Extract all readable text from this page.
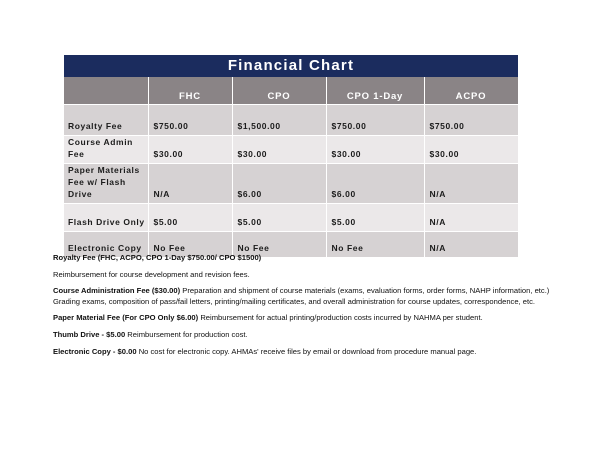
Financial Chart
	FHC	CPO	CPO 1-Day	ACPO
Royalty Fee	$750.00	$1,500.00	$750.00	$750.00
Course Admin Fee	$30.00	$30.00	$30.00	$30.00
Paper Materials Fee w/ Flash Drive	N/A	$6.00	$6.00	N/A
Flash Drive Only	$5.00	$5.00	$5.00	N/A
Electronic Copy	No Fee	No Fee	No Fee	N/A

Royalty Fee (FHC, ACPO, CPO 1-Day $750.00/ CPO $1500)

Reimbursement for course development and revision fees.

Course Administration Fee ($30.00) Preparation and shipment of course materials (exams, evaluation forms, order forms, NAHP information, etc.) Grading exams, composition of pass/fail letters, printing/mailing certificates, and overall administration for course updates, correspondence, etc.

Paper Material Fee (For CPO Only $6.00) Reimbursement for actual printing/production costs incurred by NAHMA per student.

Thumb Drive - $5.00 Reimbursement for production cost.

Electronic Copy - $0.00 No cost for electronic copy. AHMAs' receive files by email or download from procedure manual page.
